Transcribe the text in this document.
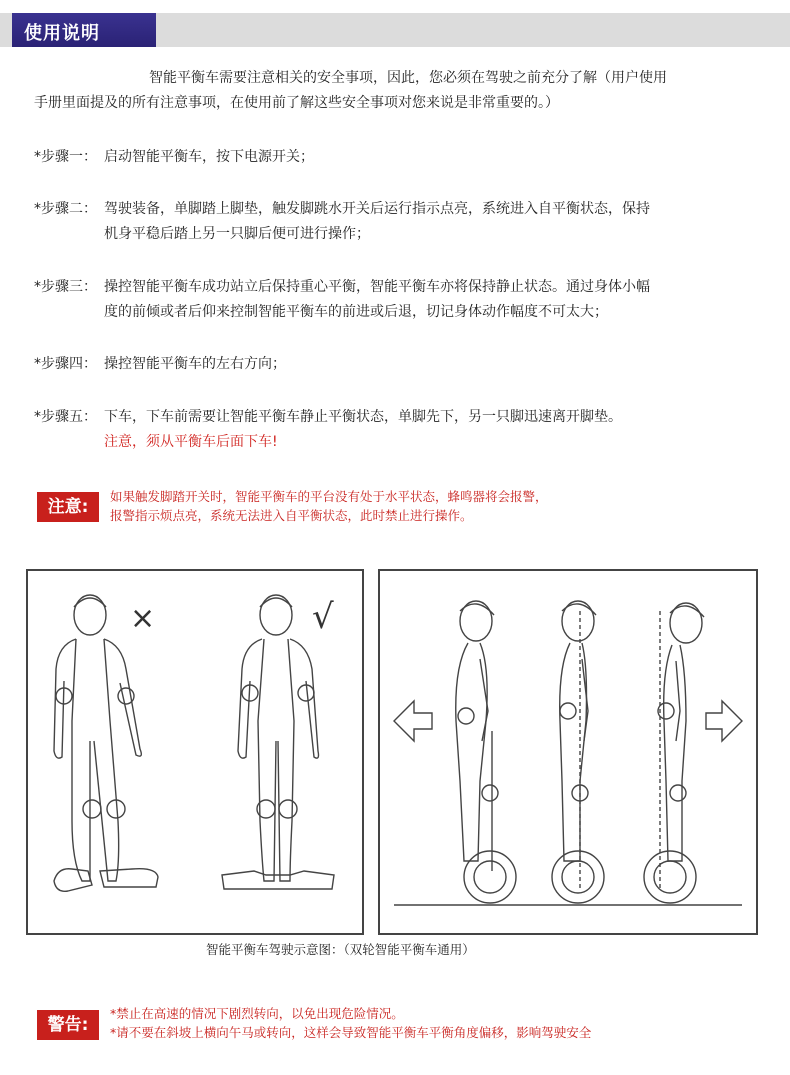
使用说明
智能平衡车需要注意相关的安全事项，因此，您必须在驾驶之前充分了解（用户使用
手册里面提及的所有注意事项，在使用前了解这些安全事项对您来说是非常重要的。）
*步骤一： 启动智能平衡车，按下电源开关；
*步骤二： 驾驶装备，单脚踏上脚垫，触发脚跳水开关后运行指示点亮，系统进入自平衡状态，保持
机身平稳后踏上另一只脚后便可进行操作；
*步骤三： 操控智能平衡车成功站立后保持重心平衡，智能平衡车亦将保持静止状态。通过身体小幅
度的前倾或者后仰来控制智能平衡车的前进或后退，切记身体动作幅度不可太大；
*步骤四： 操控智能平衡车的左右方向；
*步骤五： 下车，下车前需要让智能平衡车静止平衡状态，单脚先下，另一只脚迅速离开脚垫。
注意，须从平衡车后面下车!
注意:
如果触发脚踏开关时，智能平衡车的平台没有处于水平状态，蜂鸣器将会报警，
报警指示烦点亮，系统无法进入自平衡状态，此时禁止进行操作。
×	√
智能平衡车驾驶示意图：（双轮智能平衡车通用）
警告:
*禁止在高速的情况下剧烈转向，以免出现危险情况。
*请不要在斜坡上横向午马或转向，这样会导致智能平衡车平衡角度偏移，影响驾驶安全
